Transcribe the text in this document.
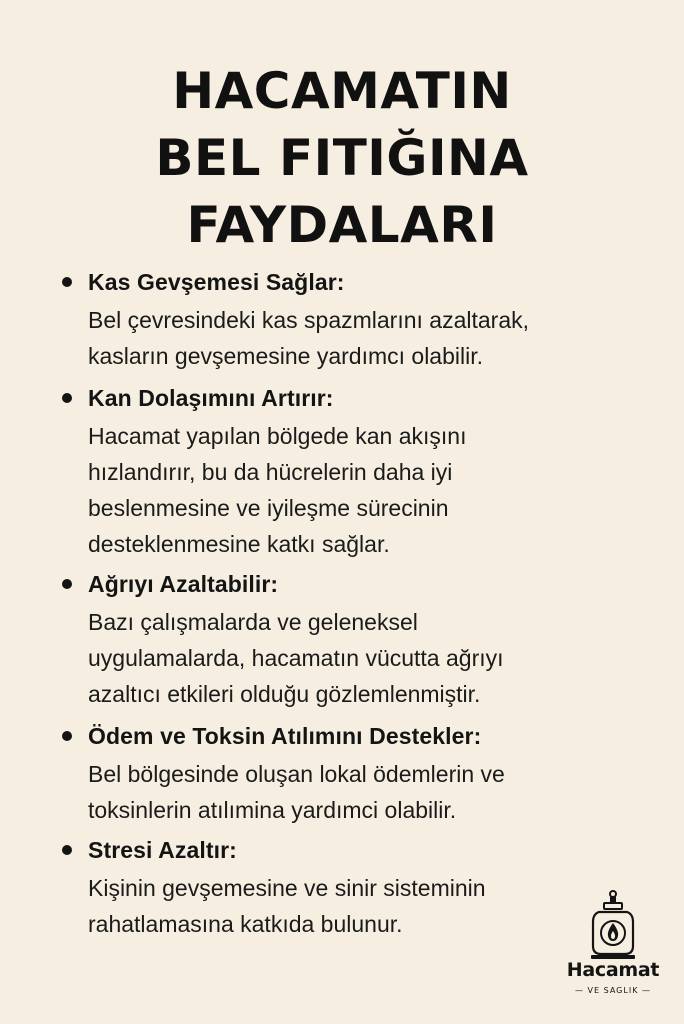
HACAMATIN
BEL FITIĞINA
FAYDALARI
Kas Gevşemesi Sağlar:
Bel çevresindeki kas spazmlarını azaltarak,
kasların gevşemesine yardımcı olabilir.
Kan Dolaşımını Artırır:
Hacamat yapılan bölgede kan akışını
hızlandırır, bu da hücrelerin daha iyi
beslenmesine ve iyileşme sürecinin
desteklenmesine katkı sağlar.
Ağrıyı Azaltabilir:
Bazı çalışmalarda ve geleneksel
uygulamalarda, hacamatın vücutta ağrıyı
azaltıcı etkileri olduğu gözlemlenmiştir.
Ödem ve Toksin Atılımını Destekler:
Bel bölgesinde oluşan lokal ödemlerin ve
toksinlerin atılımina yardımci olabilir.
Stresi Azaltır:
Kişinin gevşemesine ve sinir sisteminin
rahatlamasına katkıda bulunur.
Hacamat
— VE SAGLIK —
